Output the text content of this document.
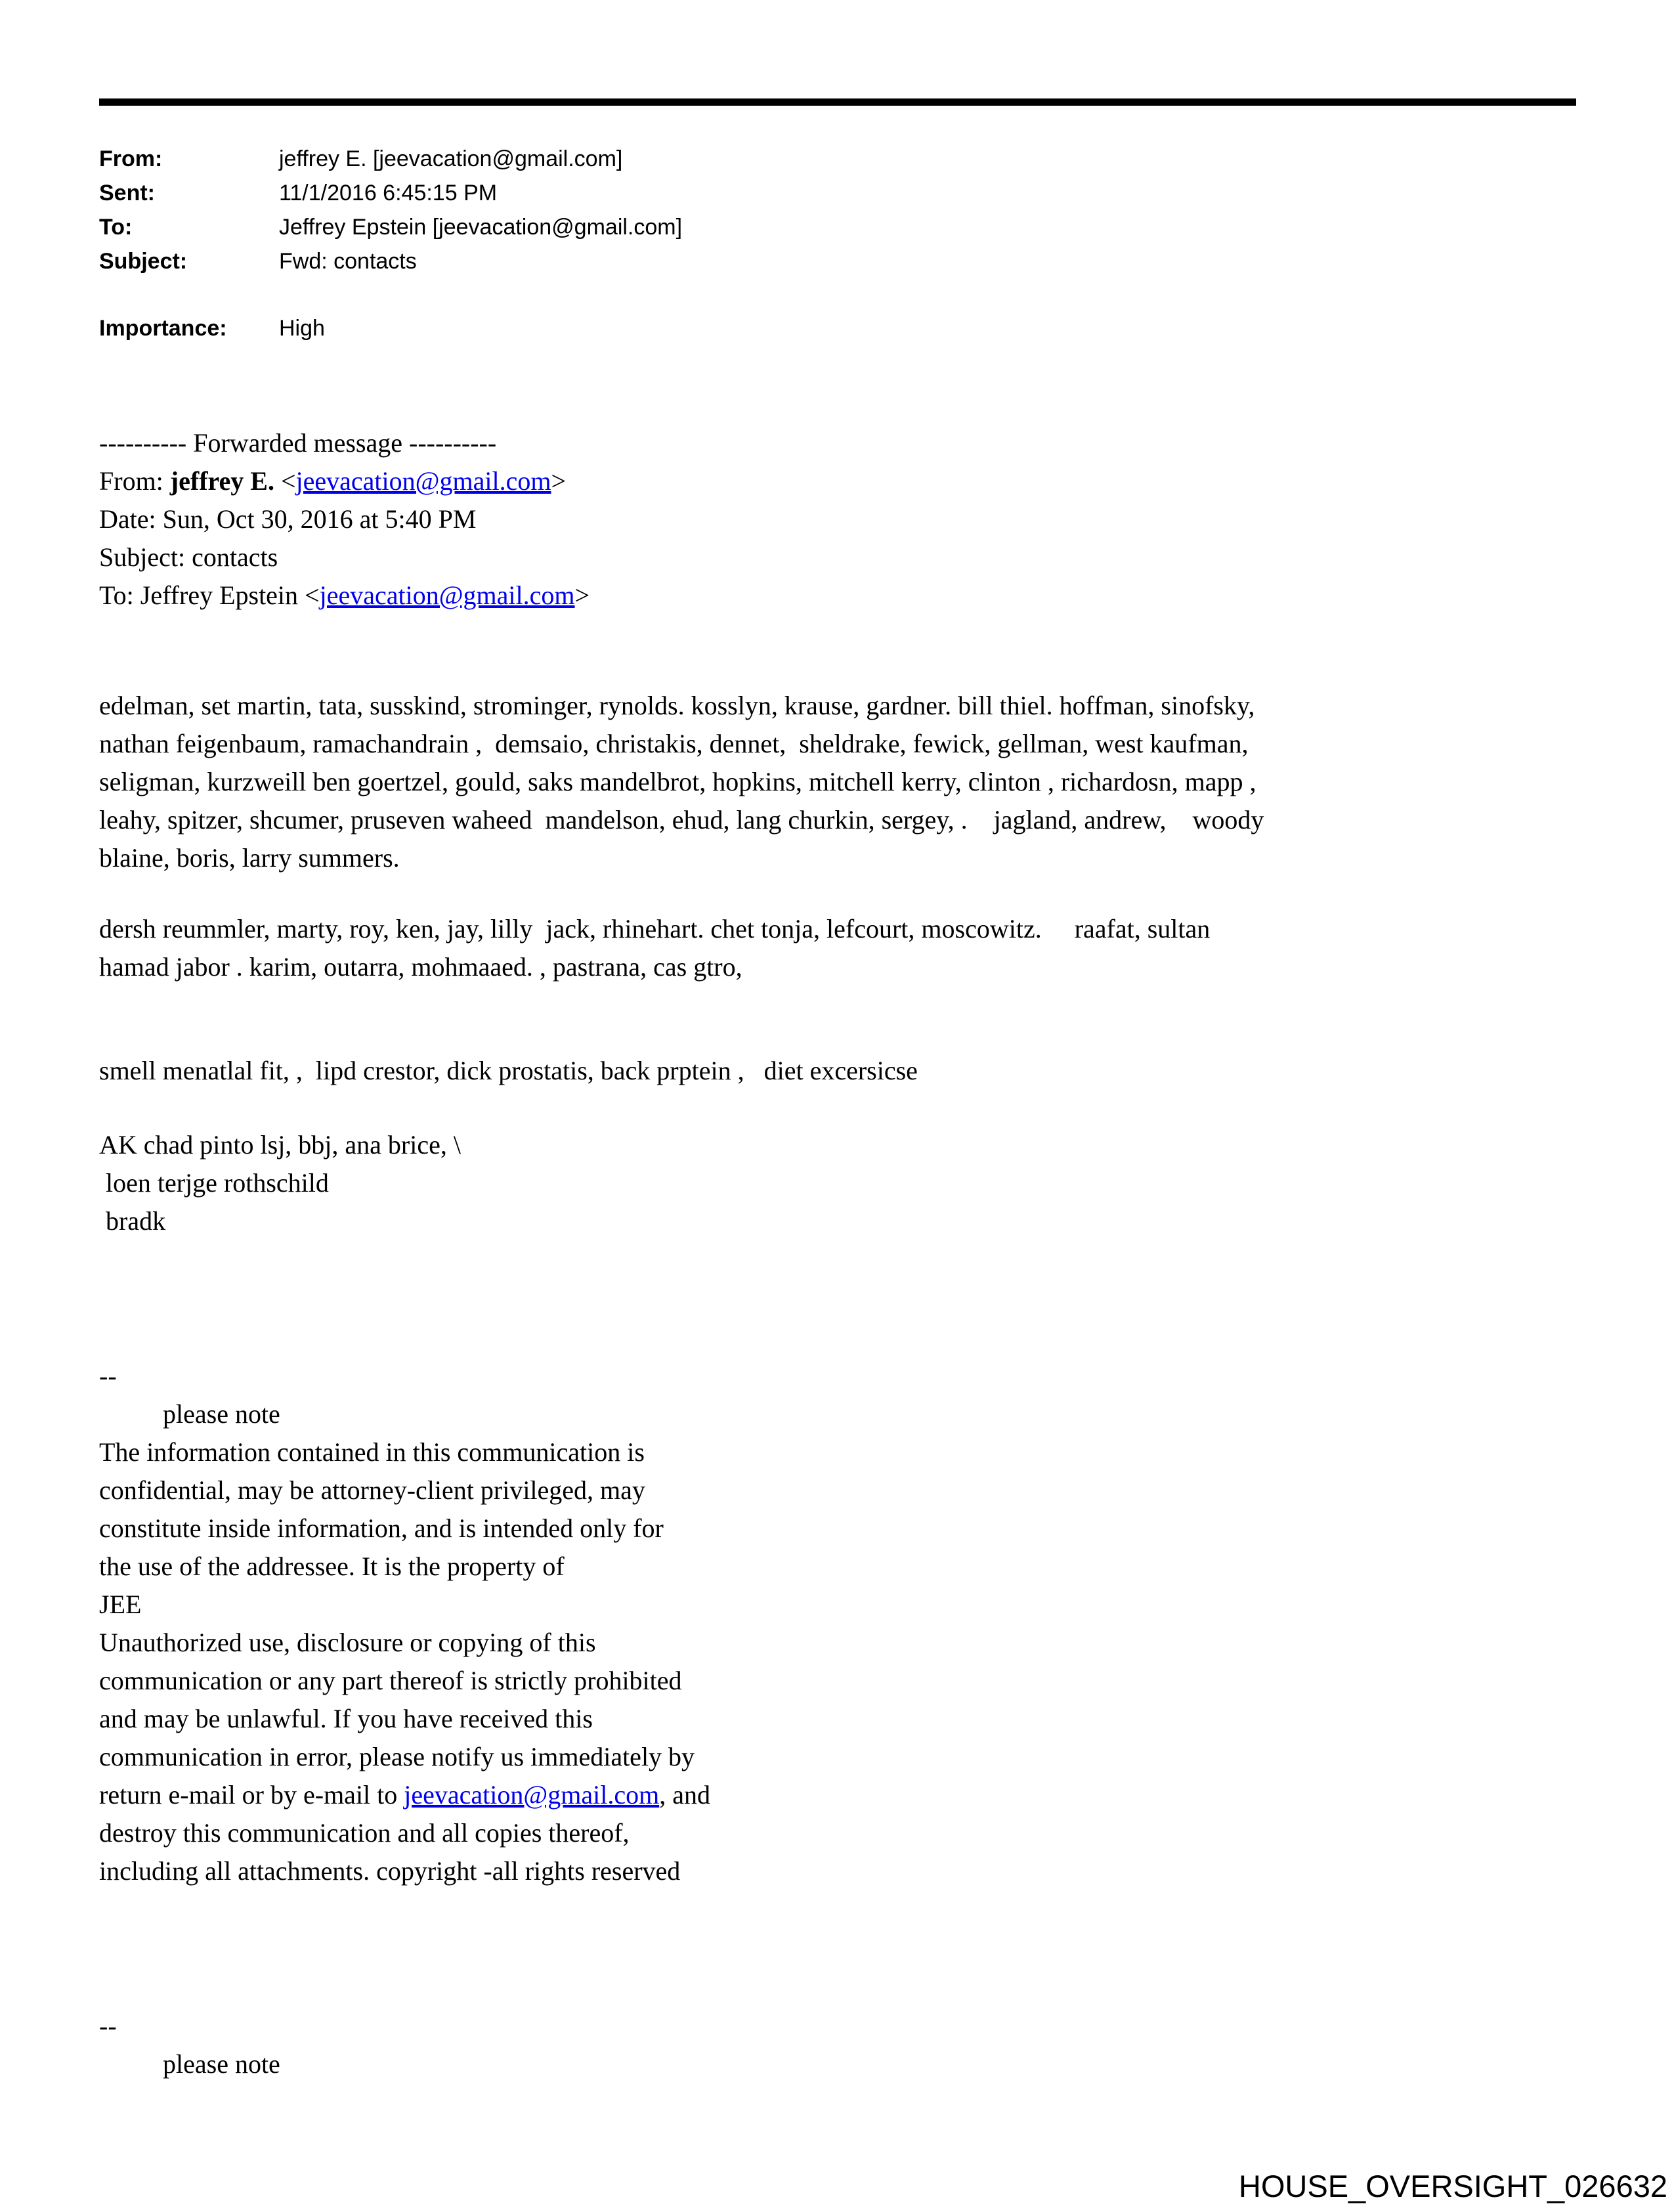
From:	jeffrey E. [jeevacation@gmail.com]
Sent:	11/1/2016 6:45:15 PM
To:	Jeffrey Epstein [jeevacation@gmail.com]
Subject:	Fwd: contacts
Importance:	High
---------- Forwarded message ----------
From: jeffrey E. <jeevacation@gmail.com>
Date: Sun, Oct 30, 2016 at 5:40 PM
Subject: contacts
To: Jeffrey Epstein <jeevacation@gmail.com>
edelman, set martin, tata, susskind, strominger, rynolds. kosslyn, krause, gardner. bill thiel. hoffman, sinofsky,
nathan feigenbaum, ramachandrain ,  demsaio, christakis, dennet,  sheldrake, fewick, gellman, west kaufman,
seligman, kurzweill ben goertzel, gould, saks mandelbrot, hopkins, mitchell kerry, clinton , richardosn, mapp ,
leahy, spitzer, shcumer, pruseven waheed  mandelson, ehud, lang churkin, sergey, .    jagland, andrew,    woody
blaine, boris, larry summers.
dersh reummler, marty, roy, ken, jay, lilly  jack, rhinehart. chet tonja, lefcourt, moscowitz.     raafat, sultan
hamad jabor . karim, outarra, mohmaaed. , pastrana, cas gtro,
smell menatlal fit, ,  lipd crestor, dick prostatis, back prptein ,   diet excersicse
AK chad pinto lsj, bbj, ana brice, \
loen terjge rothschild
bradk
--
please note
The information contained in this communication is
confidential, may be attorney-client privileged, may
constitute inside information, and is intended only for
the use of the addressee. It is the property of
JEE
Unauthorized use, disclosure or copying of this
communication or any part thereof is strictly prohibited
and may be unlawful. If you have received this
communication in error, please notify us immediately by
return e-mail or by e-mail to jeevacation@gmail.com, and
destroy this communication and all copies thereof,
including all attachments. copyright -all rights reserved
--
please note
HOUSE_OVERSIGHT_026632
